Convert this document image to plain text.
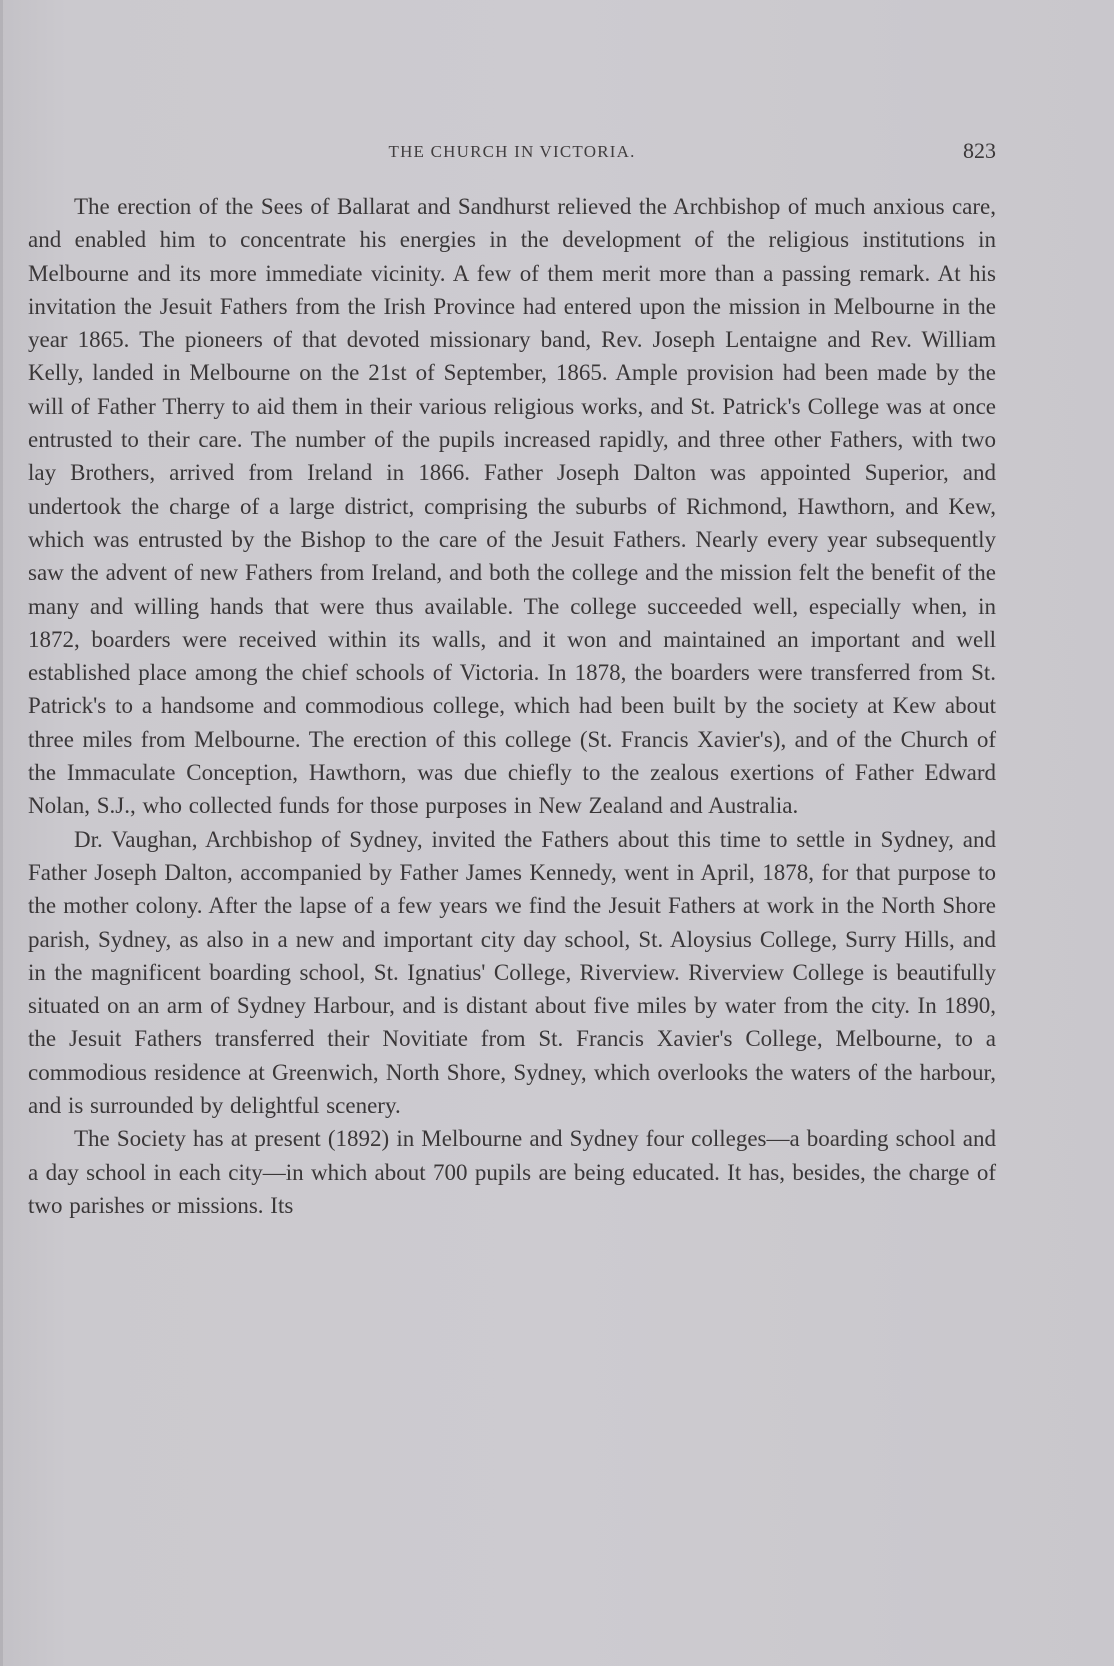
THE CHURCH IN VICTORIA.	823

The erection of the Sees of Ballarat and Sandhurst relieved the Archbishop of much anxious care, and enabled him to concentrate his energies in the development of the religious institutions in Melbourne and its more immediate vicinity. A few of them merit more than a passing remark. At his invitation the Jesuit Fathers from the Irish Province had entered upon the mission in Melbourne in the year 1865. The pioneers of that devoted missionary band, Rev. Joseph Lentaigne and Rev. William Kelly, landed in Melbourne on the 21st of September, 1865. Ample provision had been made by the will of Father Therry to aid them in their various religious works, and St. Patrick's College was at once entrusted to their care. The number of the pupils increased rapidly, and three other Fathers, with two lay Brothers, arrived from Ireland in 1866. Father Joseph Dalton was appointed Superior, and undertook the charge of a large district, comprising the suburbs of Richmond, Hawthorn, and Kew, which was entrusted by the Bishop to the care of the Jesuit Fathers. Nearly every year subsequently saw the advent of new Fathers from Ireland, and both the college and the mission felt the benefit of the many and willing hands that were thus available. The college succeeded well, especially when, in 1872, boarders were received within its walls, and it won and maintained an important and well established place among the chief schools of Victoria. In 1878, the boarders were transferred from St. Patrick's to a handsome and commodious college, which had been built by the society at Kew about three miles from Melbourne. The erection of this college (St. Francis Xavier's), and of the Church of the Immaculate Conception, Hawthorn, was due chiefly to the zealous exertions of Father Edward Nolan, S.J., who collected funds for those purposes in New Zealand and Australia.

Dr. Vaughan, Archbishop of Sydney, invited the Fathers about this time to settle in Sydney, and Father Joseph Dalton, accompanied by Father James Kennedy, went in April, 1878, for that purpose to the mother colony. After the lapse of a few years we find the Jesuit Fathers at work in the North Shore parish, Sydney, as also in a new and important city day school, St. Aloysius College, Surry Hills, and in the magnificent boarding school, St. Ignatius' College, Riverview. Riverview College is beautifully situated on an arm of Sydney Harbour, and is distant about five miles by water from the city. In 1890, the Jesuit Fathers transferred their Novitiate from St. Francis Xavier's College, Melbourne, to a commodious residence at Greenwich, North Shore, Sydney, which overlooks the waters of the harbour, and is surrounded by delightful scenery.

The Society has at present (1892) in Melbourne and Sydney four colleges—a boarding school and a day school in each city—in which about 700 pupils are being educated. It has, besides, the charge of two parishes or missions. Its
